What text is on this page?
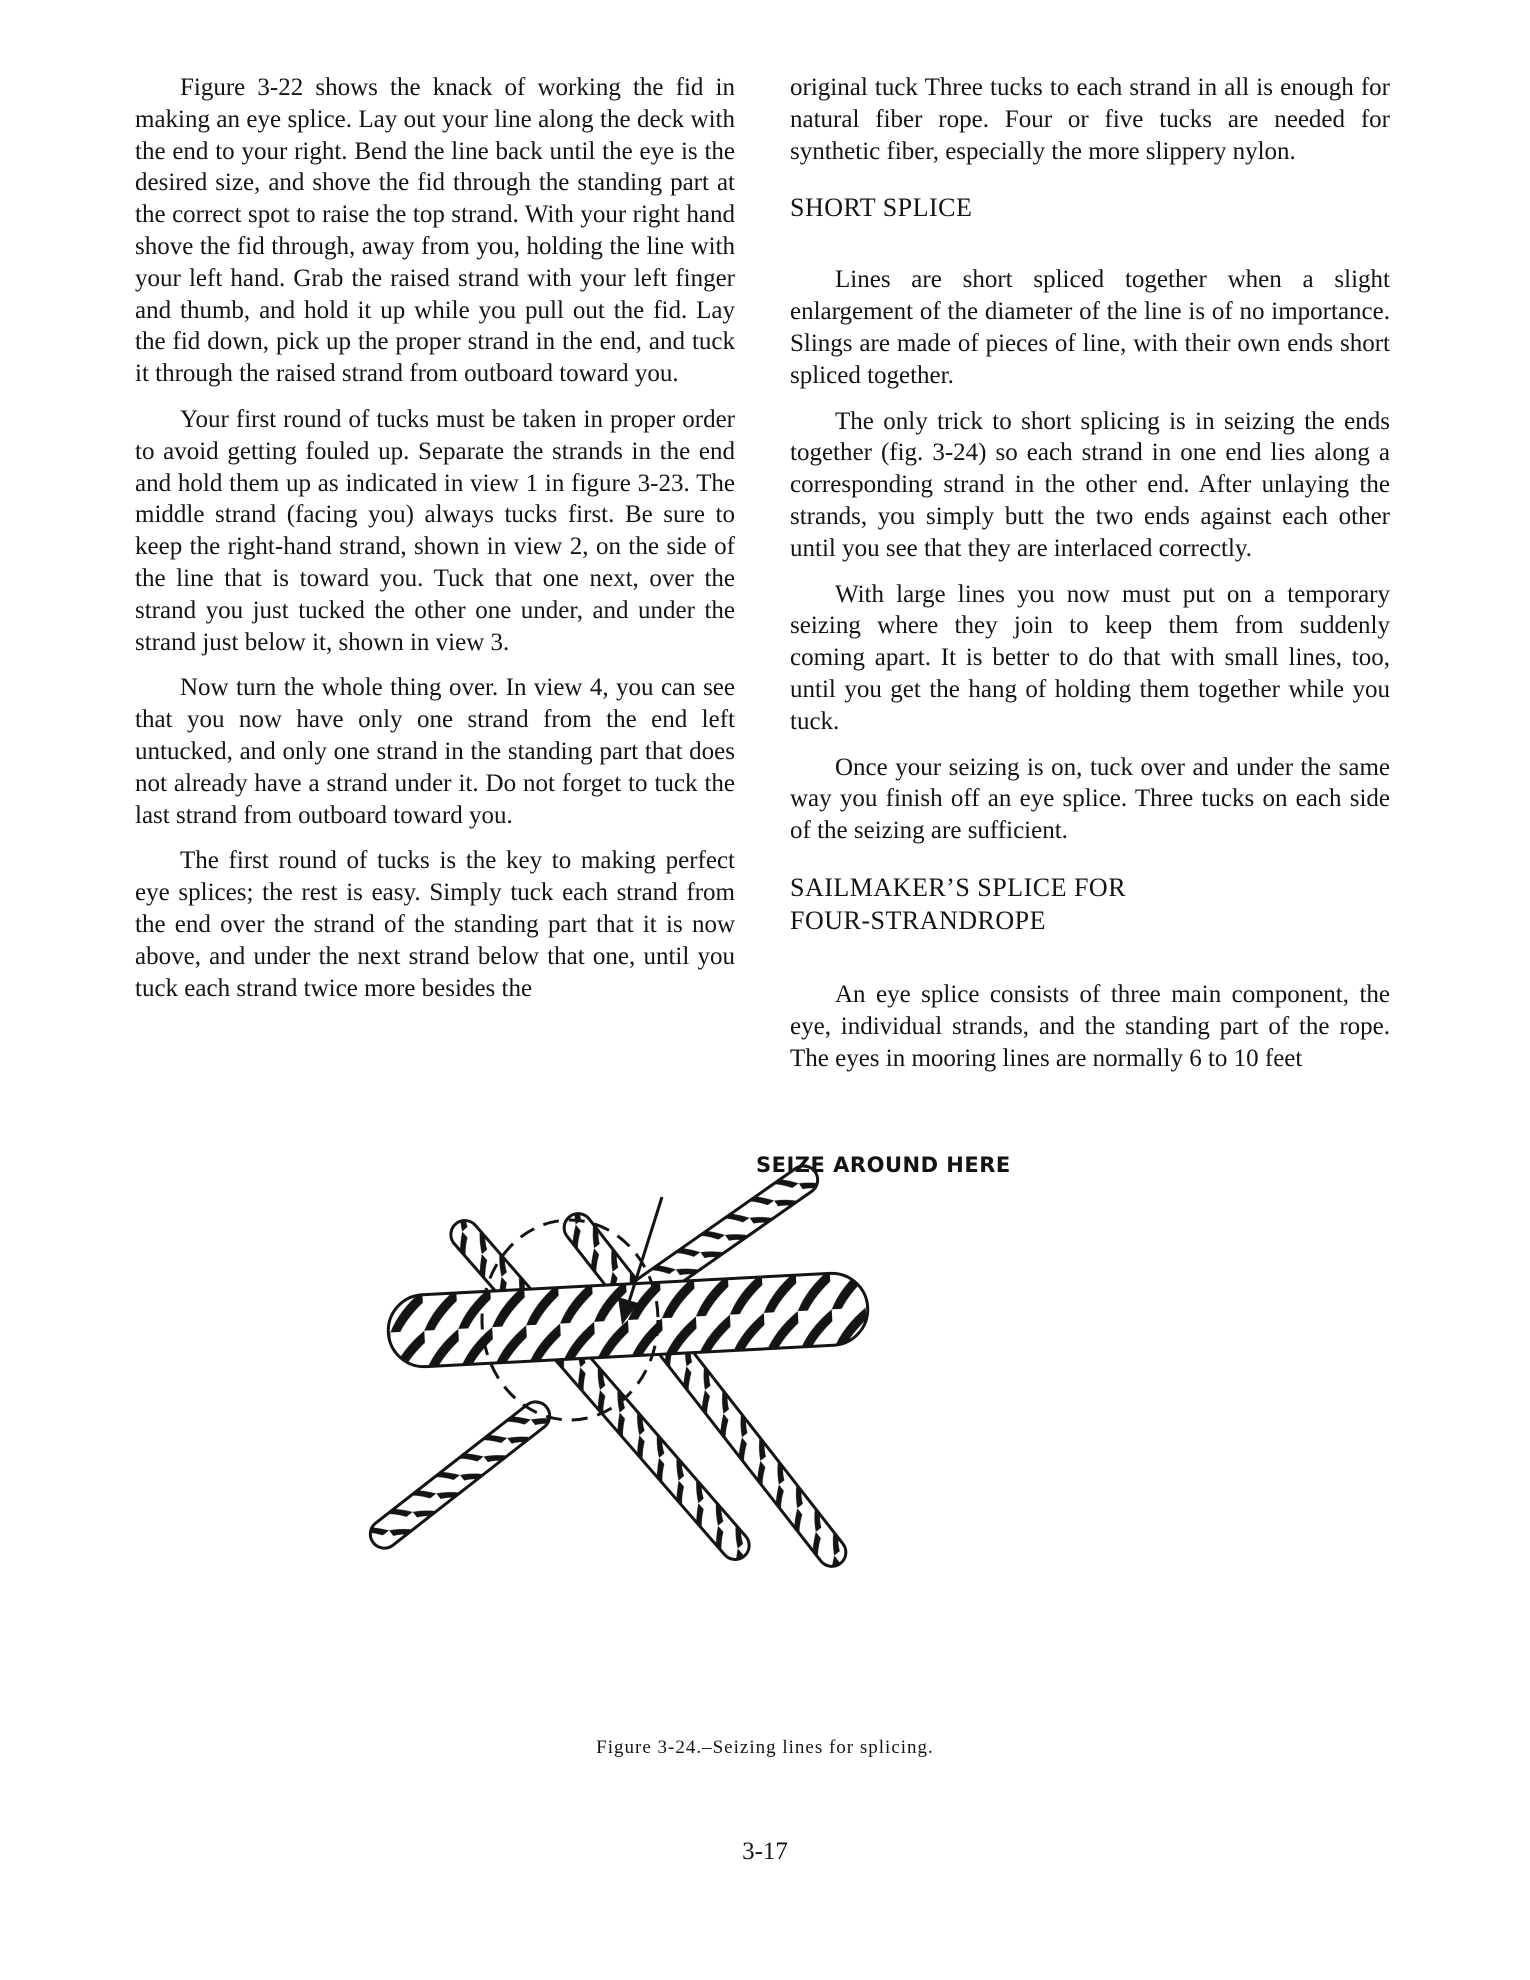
Figure 3-22 shows the knack of working the fid in making an eye splice. Lay out your line along the deck with the end to your right. Bend the line back until the eye is the desired size, and shove the fid through the standing part at the correct spot to raise the top strand. With your right hand shove the fid through, away from you, holding the line with your left hand. Grab the raised strand with your left finger and thumb, and hold it up while you pull out the fid. Lay the fid down, pick up the proper strand in the end, and tuck it through the raised strand from outboard toward you.

Your first round of tucks must be taken in proper order to avoid getting fouled up. Separate the strands in the end and hold them up as indicated in view 1 in figure 3-23. The middle strand (facing you) always tucks first. Be sure to keep the right-hand strand, shown in view 2, on the side of the line that is toward you. Tuck that one next, over the strand you just tucked the other one under, and under the strand just below it, shown in view 3.

Now turn the whole thing over. In view 4, you can see that you now have only one strand from the end left untucked, and only one strand in the standing part that does not already have a strand under it. Do not forget to tuck the last strand from outboard toward you.

The first round of tucks is the key to making perfect eye splices; the rest is easy. Simply tuck each strand from the end over the strand of the standing part that it is now above, and under the next strand below that one, until you tuck each strand twice more besides the

original tuck Three tucks to each strand in all is enough for natural fiber rope. Four or five tucks are needed for synthetic fiber, especially the more slippery nylon.

SHORT SPLICE

Lines are short spliced together when a slight enlargement of the diameter of the line is of no importance. Slings are made of pieces of line, with their own ends short spliced together.

The only trick to short splicing is in seizing the ends together (fig. 3-24) so each strand in one end lies along a corresponding strand in the other end. After unlaying the strands, you simply butt the two ends against each other until you see that they are interlaced correctly.

With large lines you now must put on a temporary seizing where they join to keep them from suddenly coming apart. It is better to do that with small lines, too, until you get the hang of holding them together while you tuck.

Once your seizing is on, tuck over and under the same way you finish off an eye splice. Three tucks on each side of the seizing are sufficient.

SAILMAKER’S SPLICE FOR
FOUR-STRANDROPE

An eye splice consists of three main component, the eye, individual strands, and the standing part of the rope. The eyes in mooring lines are normally 6 to 10 feet

SEIZE AROUND HERE

Figure 3-24.–Seizing lines for splicing.

3-17
